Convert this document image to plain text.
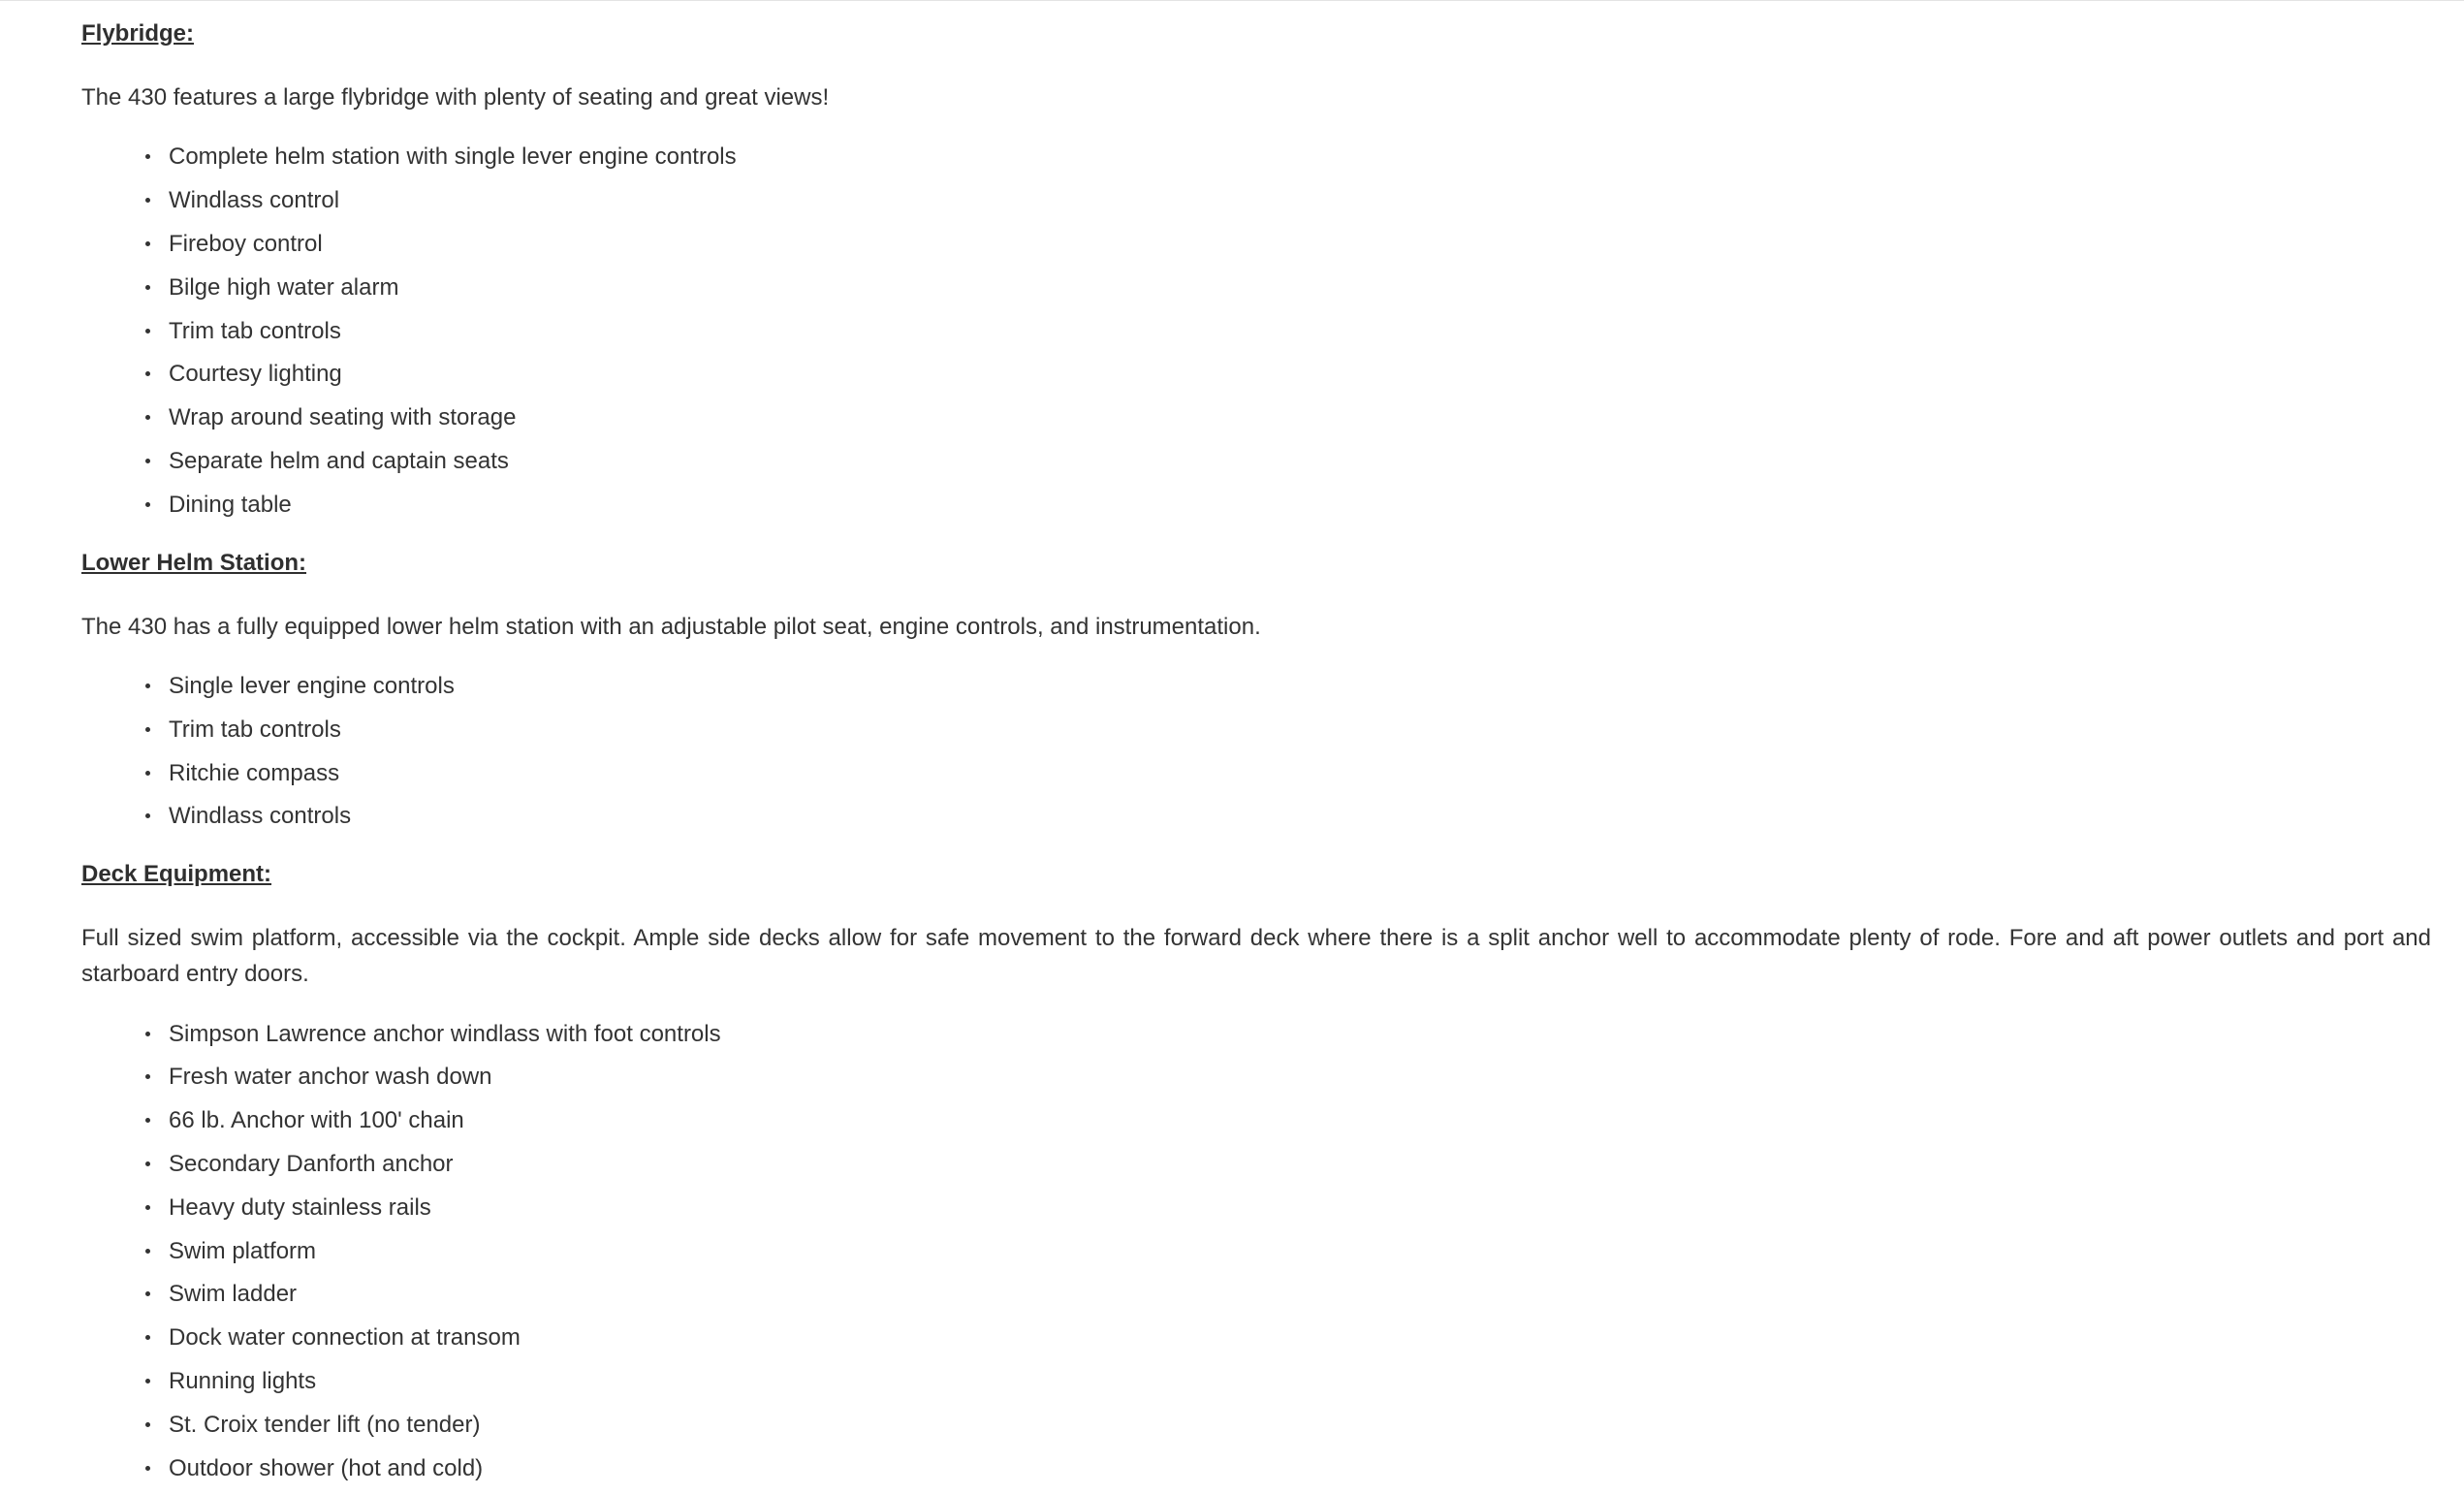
Flybridge:

The 430 features a large flybridge with plenty of seating and great views!

Complete helm station with single lever engine controls
Windlass control
Fireboy control
Bilge high water alarm
Trim tab controls
Courtesy lighting
Wrap around seating with storage
Separate helm and captain seats
Dining table
Lower Helm Station:

The 430 has a fully equipped lower helm station with an adjustable pilot seat, engine controls, and instrumentation.

Single lever engine controls
Trim tab controls
Ritchie compass
Windlass controls
Deck Equipment:

Full sized swim platform, accessible via the cockpit. Ample side decks allow for safe movement to the forward deck where there is a split anchor well to accommodate plenty of rode. Fore and aft power outlets and port and starboard entry doors.

Simpson Lawrence anchor windlass with foot controls
Fresh water anchor wash down
66 lb. Anchor with 100' chain
Secondary Danforth anchor
Heavy duty stainless rails
Swim platform
Swim ladder
Dock water connection at transom
Running lights
St. Croix tender lift (no tender)
Outdoor shower (hot and cold)
